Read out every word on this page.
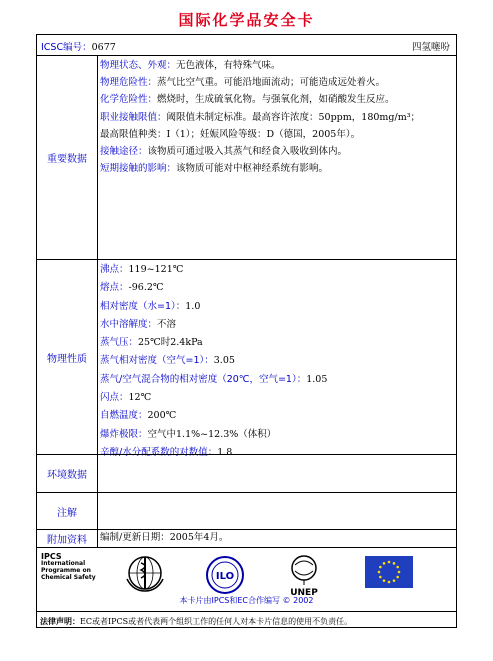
国际化学品安全卡
ICSC编号：0677	四氢噻吩
重要数据
物理状态、外观：无色液体，有特殊气味。
物理危险性：蒸气比空气重。可能沿地面流动；可能造成远处着火。
化学危险性：燃烧时，生成硫氧化物。与强氧化剂，如硝酸发生反应。
职业接触限值：阈限值未制定标准。最高容许浓度：50ppm，180mg/m³；
最高限值种类：I（1）；妊娠风险等级：D（德国，2005年）。
接触途径：该物质可通过吸入其蒸气和经食入吸收到体内。
短期接触的影响：该物质可能对中枢神经系统有影响。
物理性质
沸点：119~121℃
熔点：-96.2℃
相对密度（水=1）：1.0
水中溶解度：不溶
蒸气压：25℃时2.4kPa
蒸气相对密度（空气=1）：3.05
蒸气/空气混合物的相对密度（20℃，空气=1）：1.05
闪点：12℃
自燃温度：200℃
爆炸极限：空气中1.1%~12.3%（体积）
辛醇/水分配系数的对数值：1.8
环境数据
注解
附加资料	编制/更新日期：2005年4月。
IPCS
International
Programme on
Chemical Safety	ILO
UNEP
本卡片由IPCS和EC合作编写 © 2002
法律声明：EC或者IPCS或者代表两个组织工作的任何人对本卡片信息的使用不负责任。
